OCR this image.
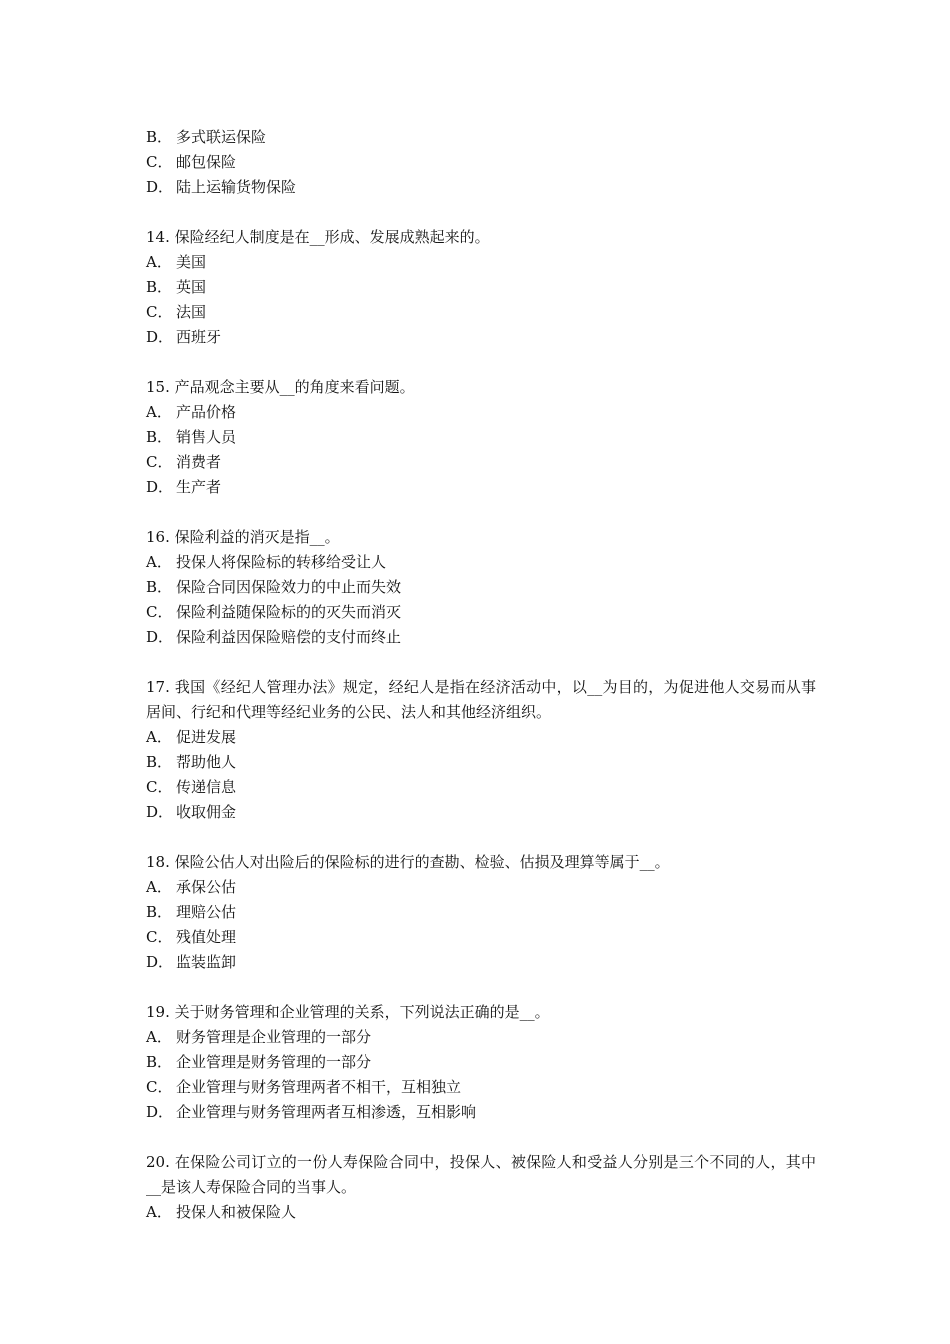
B． 多式联运保险
C． 邮包保险
D． 陆上运输货物保险
14. 保险经纪人制度是在__形成、发展成熟起来的。
A． 美国
B． 英国
C． 法国
D． 西班牙
15. 产品观念主要从__的角度来看问题。
A． 产品价格
B． 销售人员
C． 消费者
D． 生产者
16. 保险利益的消灭是指__。
A． 投保人将保险标的转移给受让人
B． 保险合同因保险效力的中止而失效
C． 保险利益随保险标的的灭失而消灭
D． 保险利益因保险赔偿的支付而终止
17. 我国《经纪人管理办法》规定，经纪人是指在经济活动中，以__为目的，为促进他人交易而从事居间、行纪和代理等经纪业务的公民、法人和其他经济组织。
A． 促进发展
B． 帮助他人
C． 传递信息
D． 收取佣金
18. 保险公估人对出险后的保险标的进行的查勘、检验、估损及理算等属于__。
A． 承保公估
B． 理赔公估
C． 残值处理
D． 监装监卸
19. 关于财务管理和企业管理的关系，下列说法正确的是__。
A． 财务管理是企业管理的一部分
B． 企业管理是财务管理的一部分
C． 企业管理与财务管理两者不相干，互相独立
D． 企业管理与财务管理两者互相渗透，互相影响
20. 在保险公司订立的一份人寿保险合同中，投保人、被保险人和受益人分别是三个不同的人，其中__是该人寿保险合同的当事人。
A． 投保人和被保险人
